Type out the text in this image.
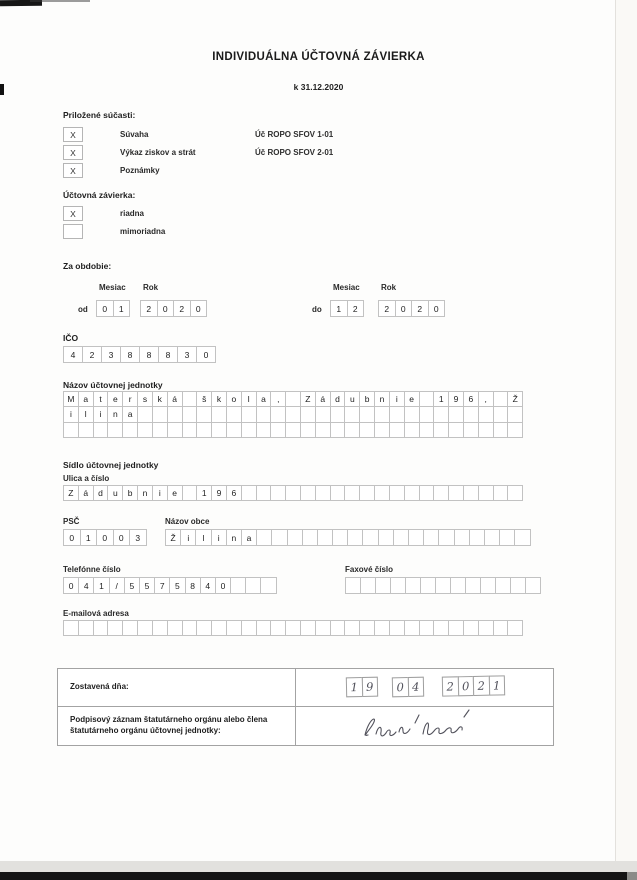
INDIVIDUÁLNA ÚČTOVNÁ ZÁVIERKA
k 31.12.2020
Priložené súčasti:
X	Súvaha	Úč ROPO SFOV 1-01
X	Výkaz ziskov a strát	Úč ROPO SFOV 2-01
X	Poznámky
Účtovná závierka:
X	riadna
mimoriadna
Za obdobie:
Mesiac Rok
od	0	1	2	0	2	0
Mesiac	Rok
do	1	2	2	0	2	0
IČO
4	2	3	8	8	8	3	0
Názov účtovnej jednotky
M	a	t	e	r	s	k	á	š	k	o	l	a	,	Z	á	d	u	b	n	i	e	1	9	6	,	Ž
i	l	i	n	a
Sídlo účtovnej jednotky
Ulica a číslo
Z	á	d	u	b	n	i	e	1	9	6
PSČ
0	1	0	0	3
Názov obce
Ž	i	l	i	n	a
Telefónne číslo
0	4	1	/	5	5	7	5	8	4	0
Faxové číslo
E-mailová adresa
Zostavená dňa:	1 9	0 4	2 0 2 1
Podpisový záznam štatutárneho orgánu alebo člena štatutárneho orgánu účtovnej jednotky:
